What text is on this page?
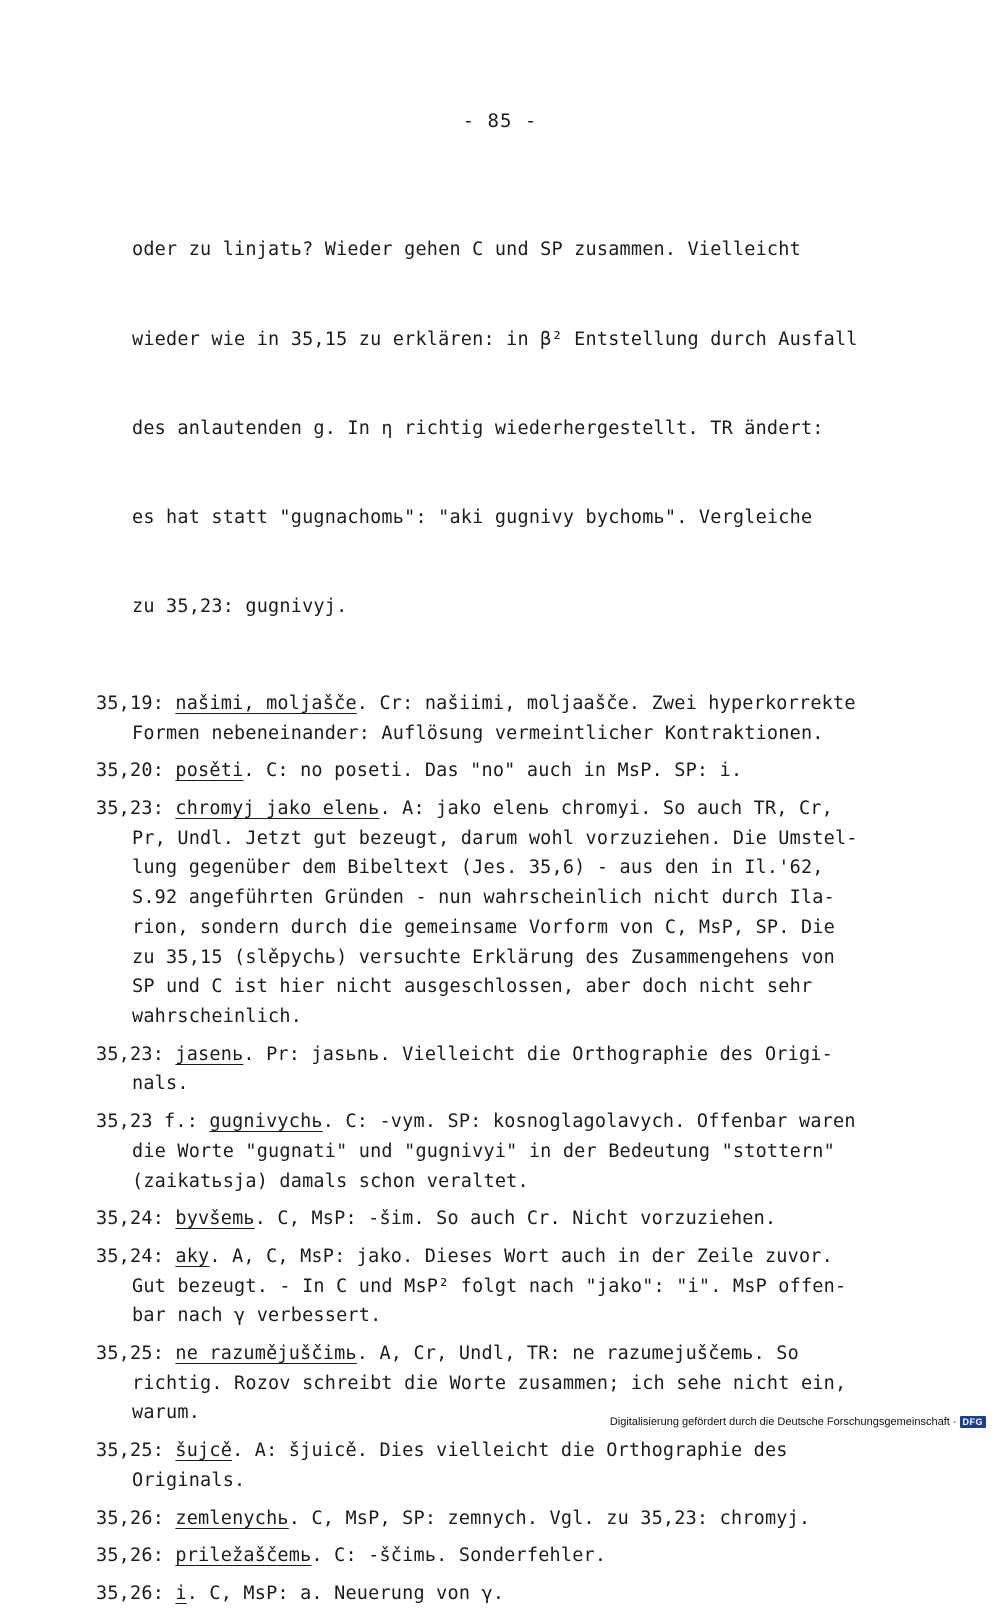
- 85 -

oder zu linjatь? Wieder gehen C und SP zusammen. Vielleicht

wieder wie in 35,15 zu erklären: in β² Entstellung durch Ausfall

des anlautenden g. In η richtig wiederhergestellt. TR ändert:

es hat statt "gugnachomь": "aki gugnivy bychomь". Vergleiche

zu 35,23: gugnivyj.

35,19: našimi, moljašče. Cr: našiimi, moljaašče. Zwei hyperkorrekte
Formen nebeneinander: Auflösung vermeintlicher Kontraktionen.
35,20: posěti. C: no poseti. Das "no" auch in MsP. SP: i.
35,23: chromyj jako elenь. A: jako elenь chromyi. So auch TR, Cr,
Pr, Undl. Jetzt gut bezeugt, darum wohl vorzuziehen. Die Umstel-
lung gegenüber dem Bibeltext (Jes. 35,6) - aus den in Il.'62,
S.92 angeführten Gründen - nun wahrscheinlich nicht durch Ila-
rion, sondern durch die gemeinsame Vorform von C, MsP, SP. Die
zu 35,15 (slěpychь) versuchte Erklärung des Zusammengehens von
SP und C ist hier nicht ausgeschlossen, aber doch nicht sehr
wahrscheinlich.
35,23: jasenь. Pr: jasьnь. Vielleicht die Orthographie des Origi-
nals.
35,23 f.: gugnivychь. C: -vym. SP: kosnoglagolavych. Offenbar waren
die Worte "gugnati" und "gugnivyi" in der Bedeutung "stottern"
(zaikatьsja) damals schon veraltet.
35,24: byvšemь. C, MsP: -šim. So auch Cr. Nicht vorzuziehen.
35,24: aky. A, C, MsP: jako. Dieses Wort auch in der Zeile zuvor.
Gut bezeugt. - In C und MsP² folgt nach "jako": "i". MsP offen-
bar nach γ verbessert.
35,25: ne razumějuščimь. A, Cr, Undl, TR: ne razumejuščemь. So
richtig. Rozov schreibt die Worte zusammen; ich sehe nicht ein,
warum.
35,25: šujcě. A: šjuicě. Dies vielleicht die Orthographie des
Originals.
35,26: zemlenychь. C, MsP, SP: zemnych. Vgl. zu 35,23: chromyj.
35,26: priležaščemь. C: -ščimь. Sonderfehler.
35,26: i. C, MsP: a. Neuerung von γ.
Digitalisierung gefördert durch die Deutsche Forschungsgemeinschaft · DFG
